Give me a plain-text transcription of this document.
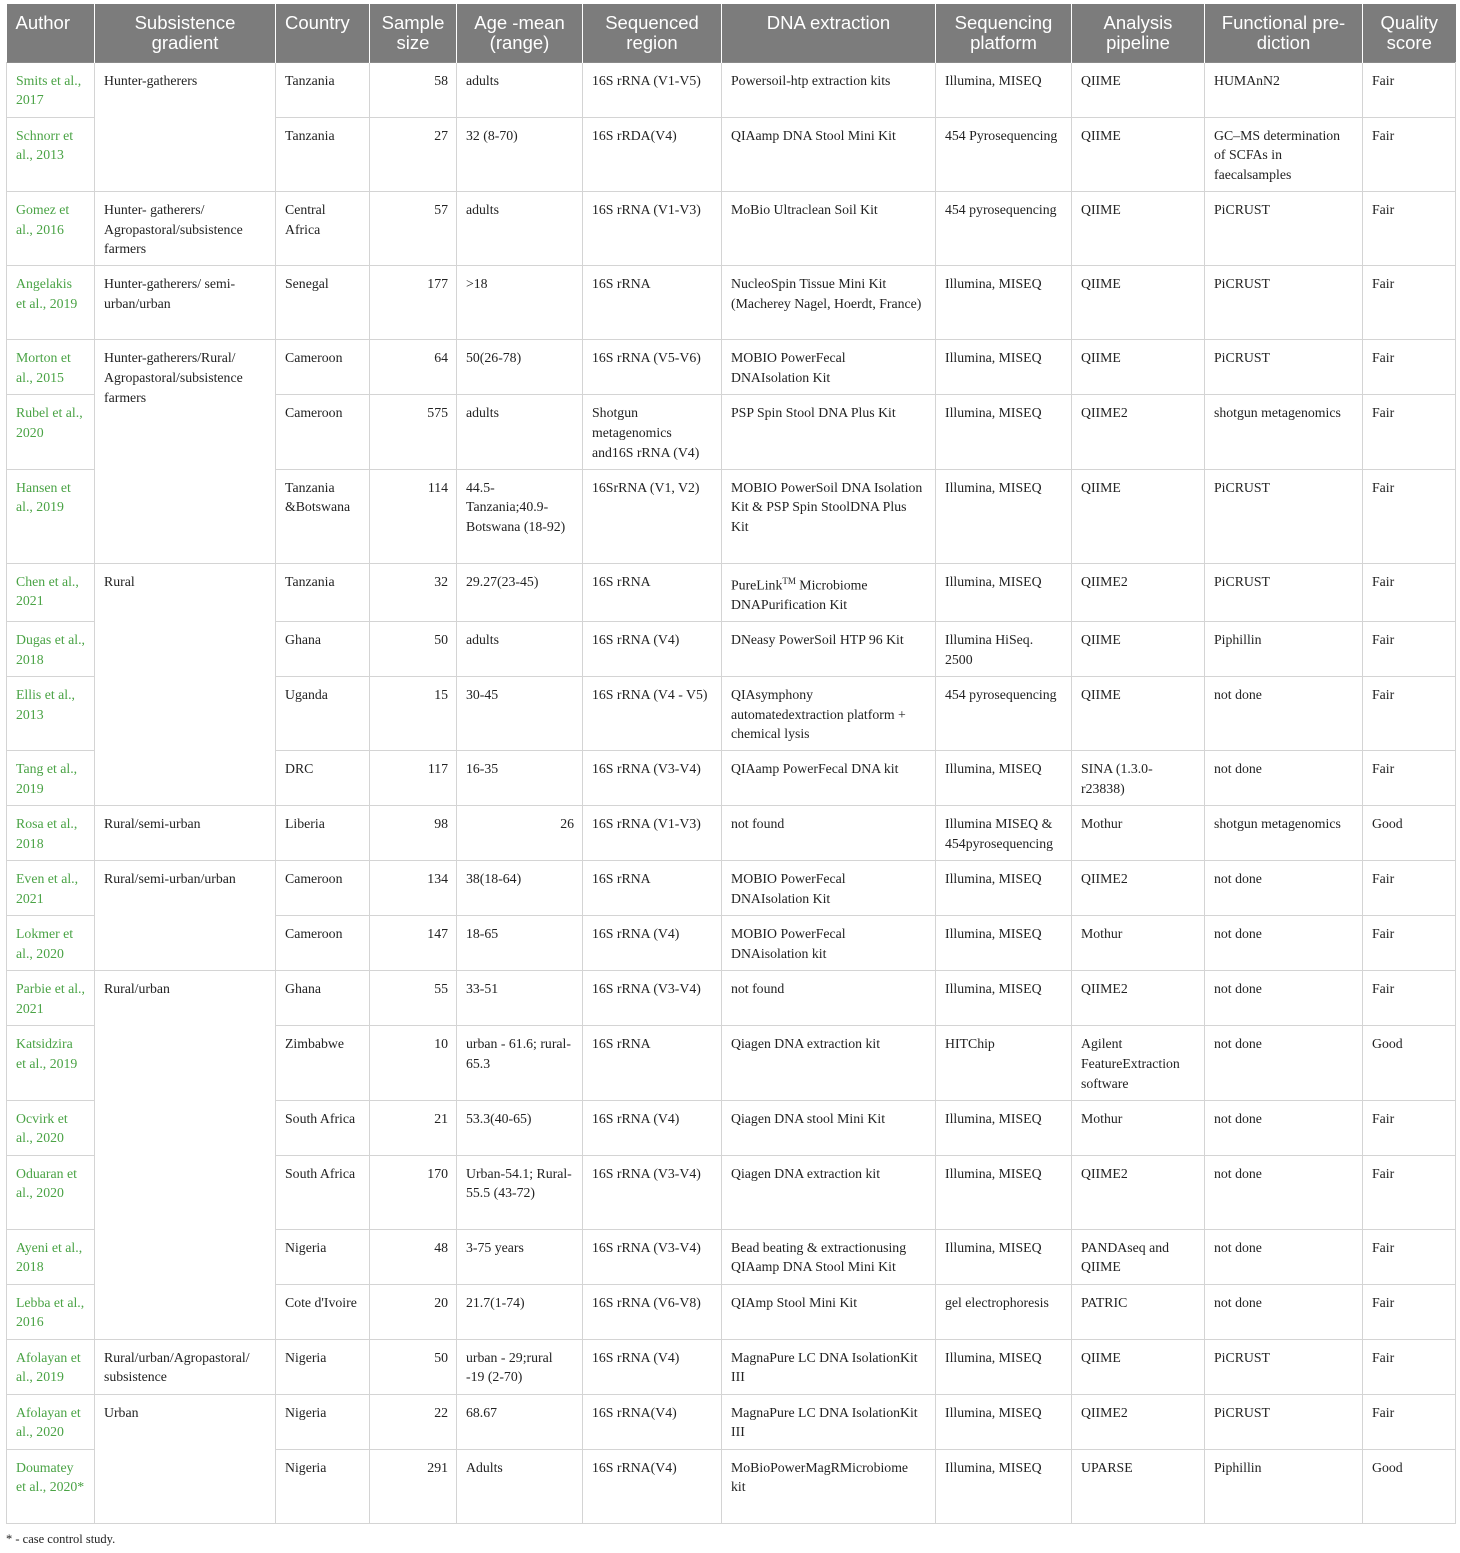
Author	Subsistence gradient	Country	Sample size	Age -mean (range)	Sequenced region	DNA extraction	Sequencing platform	Analysis pipeline	Functional pre-diction	Quality score
Smits et al., 2017	Hunter-gatherers	Tanzania	58	adults	16S rRNA (V1-V5)	Powersoil-htp extraction kits	Illumina, MISEQ	QIIME	HUMAnN2	Fair
Schnorr et al., 2013		Tanzania	27	32 (8-70)	16S rRDA(V4)	QIAamp DNA Stool Mini Kit	454 Pyrosequencing	QIIME	GC–MS determination of SCFAs in faecalsamples	Fair
Gomez et al., 2016	Hunter- gatherers/ Agropastoral/subsistence farmers	Central Africa	57	adults	16S rRNA (V1-V3)	MoBio Ultraclean Soil Kit	454 pyrosequencing	QIIME	PiCRUST	Fair
Angelakis et al., 2019	Hunter-gatherers/ semi-urban/urban	Senegal	177	>18	16S rRNA	NucleoSpin Tissue Mini Kit (Macherey Nagel, Hoerdt, France)	Illumina, MISEQ	QIIME	PiCRUST	Fair
Morton et al., 2015	Hunter-gatherers/Rural/ Agropastoral/subsistence farmers	Cameroon	64	50(26-78)	16S rRNA (V5-V6)	MOBIO PowerFecal DNAIsolation Kit	Illumina, MISEQ	QIIME	PiCRUST	Fair
Rubel et al., 2020		Cameroon	575	adults	Shotgun metagenomics and16S rRNA (V4)	PSP Spin Stool DNA Plus Kit	Illumina, MISEQ	QIIME2	shotgun metagenomics	Fair
Hansen et al., 2019		Tanzania &Botswana	114	44.5-Tanzania;40.9-Botswana (18-92)	16SrRNA (V1, V2)	MOBIO PowerSoil DNA Isolation Kit & PSP Spin StoolDNA Plus Kit	Illumina, MISEQ	QIIME	PiCRUST	Fair
Chen et al., 2021	Rural	Tanzania	32	29.27(23-45)	16S rRNA	PureLink™ Microbiome DNAPurification Kit	Illumina, MISEQ	QIIME2	PiCRUST	Fair
Dugas et al., 2018		Ghana	50	adults	16S rRNA (V4)	DNeasy PowerSoil HTP 96 Kit	Illumina HiSeq. 2500	QIIME	Piphillin	Fair
Ellis et al., 2013		Uganda	15	30-45	16S rRNA (V4 - V5)	QIAsymphony automatedextraction platform + chemical lysis	454 pyrosequencing	QIIME	not done	Fair
Tang et al., 2019		DRC	117	16-35	16S rRNA (V3-V4)	QIAamp PowerFecal DNA kit	Illumina, MISEQ	SINA (1.3.0-r23838)	not done	Fair
Rosa et al., 2018	Rural/semi-urban	Liberia	98	26	16S rRNA (V1-V3)	not found	Illumina MISEQ & 454pyrosequencing	Mothur	shotgun metagenomics	Good
Even et al., 2021	Rural/semi-urban/urban	Cameroon	134	38(18-64)	16S rRNA	MOBIO PowerFecal DNAIsolation Kit	Illumina, MISEQ	QIIME2	not done	Fair
Lokmer et al., 2020		Cameroon	147	18-65	16S rRNA (V4)	MOBIO PowerFecal DNAisolation kit	Illumina, MISEQ	Mothur	not done	Fair
Parbie et al., 2021	Rural/urban	Ghana	55	33-51	16S rRNA (V3-V4)	not found	Illumina, MISEQ	QIIME2	not done	Fair
Katsidzira et al., 2019		Zimbabwe	10	urban - 61.6; rural-65.3	16S rRNA	Qiagen DNA extraction kit	HITChip	Agilent FeatureExtraction software	not done	Good
Ocvirk et al., 2020		South Africa	21	53.3(40-65)	16S rRNA (V4)	Qiagen DNA stool Mini Kit	Illumina, MISEQ	Mothur	not done	Fair
Oduaran et al., 2020		South Africa	170	Urban-54.1; Rural-55.5 (43-72)	16S rRNA (V3-V4)	Qiagen DNA extraction kit	Illumina, MISEQ	QIIME2	not done	Fair
Ayeni et al., 2018		Nigeria	48	3-75 years	16S rRNA (V3-V4)	Bead beating & extractionusing QIAamp DNA Stool Mini Kit	Illumina, MISEQ	PANDAseq and QIIME	not done	Fair
Lebba et al., 2016		Cote d'Ivoire	20	21.7(1-74)	16S rRNA (V6-V8)	QIAmp Stool Mini Kit	gel electrophoresis	PATRIC	not done	Fair
Afolayan et al., 2019	Rural/urban/Agropastoral/ subsistence	Nigeria	50	urban - 29;rural -19 (2-70)	16S rRNA (V4)	MagnaPure LC DNA IsolationKit III	Illumina, MISEQ	QIIME	PiCRUST	Fair
Afolayan et al., 2020	Urban	Nigeria	22	68.67	16S rRNA(V4)	MagnaPure LC DNA IsolationKit III	Illumina, MISEQ	QIIME2	PiCRUST	Fair
Doumatey et al., 2020*		Nigeria	291	Adults	16S rRNA(V4)	MoBioPowerMagRMicrobiome kit	Illumina, MISEQ	UPARSE	Piphillin	Good
* - case control study.
